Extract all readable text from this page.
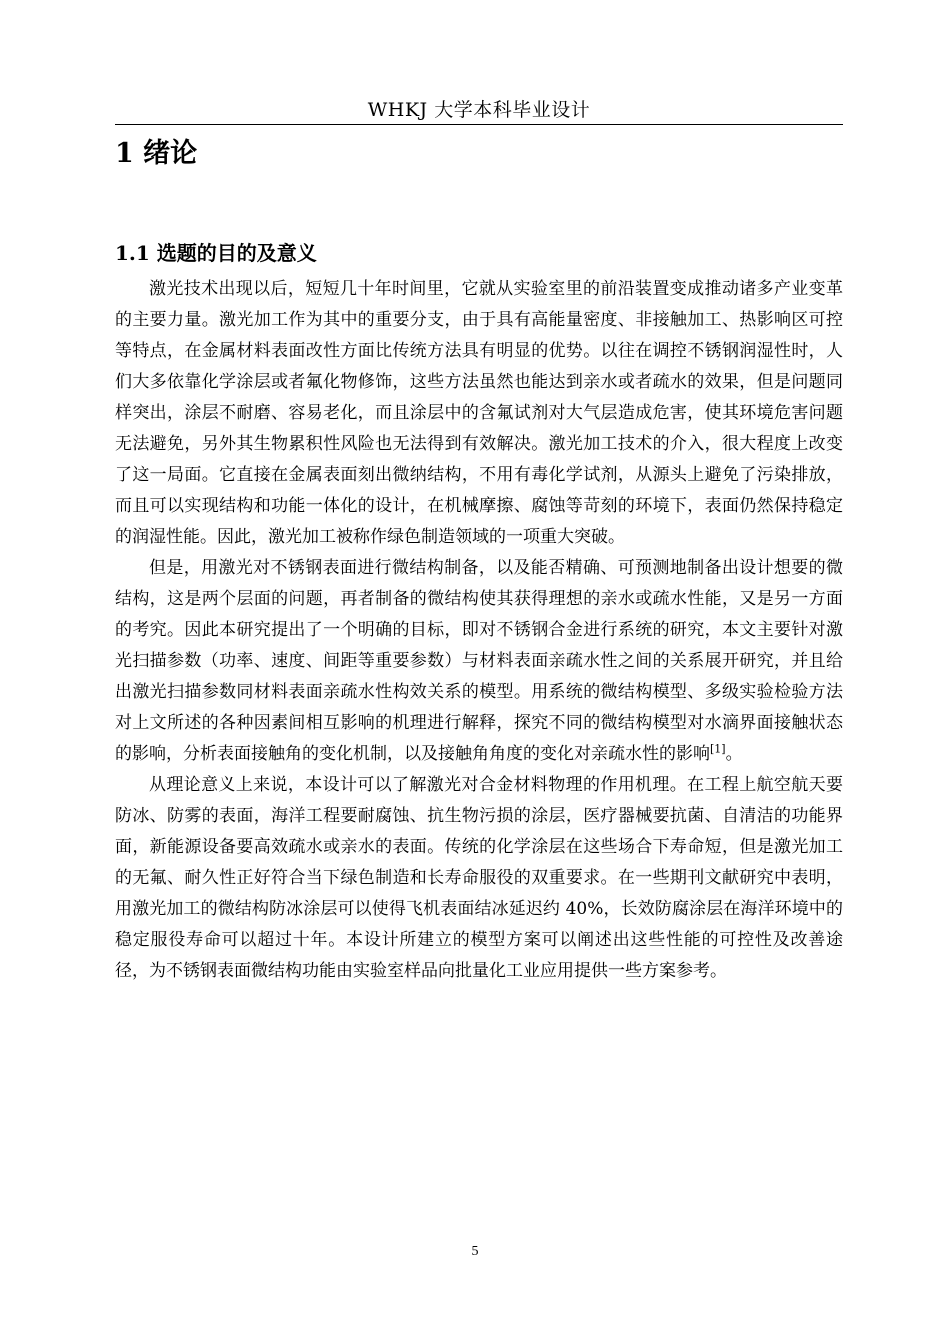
WHKJ 大学本科毕业设计
1 绪论
1.1 选题的目的及意义

激光技术出现以后，短短几十年时间里，它就从实验室里的前沿装置变成推动诸多产业变革的主要力量。激光加工作为其中的重要分支，由于具有高能量密度、非接触加工、热影响区可控等特点，在金属材料表面改性方面比传统方法具有明显的优势。以往在调控不锈钢润湿性时，人们大多依靠化学涂层或者氟化物修饰，这些方法虽然也能达到亲水或者疏水的效果，但是问题同样突出，涂层不耐磨、容易老化，而且涂层中的含氟试剂对大气层造成危害，使其环境危害问题无法避免，另外其生物累积性风险也无法得到有效解决。激光加工技术的介入，很大程度上改变了这一局面。它直接在金属表面刻出微纳结构，不用有毒化学试剂，从源头上避免了污染排放，而且可以实现结构和功能一体化的设计，在机械摩擦、腐蚀等苛刻的环境下，表面仍然保持稳定的润湿性能。因此，激光加工被称作绿色制造领域的一项重大突破。

但是，用激光对不锈钢表面进行微结构制备，以及能否精确、可预测地制备出设计想要的微结构，这是两个层面的问题，再者制备的微结构使其获得理想的亲水或疏水性能，又是另一方面的考究。因此本研究提出了一个明确的目标，即对不锈钢合金进行系统的研究，本文主要针对激光扫描参数（功率、速度、间距等重要参数）与材料表面亲疏水性之间的关系展开研究，并且给出激光扫描参数同材料表面亲疏水性构效关系的模型。用系统的微结构模型、多级实验检验方法对上文所述的各种因素间相互影响的机理进行解释，探究不同的微结构模型对水滴界面接触状态的影响，分析表面接触角的变化机制，以及接触角角度的变化对亲疏水性的影响[1]。

从理论意义上来说，本设计可以了解激光对合金材料物理的作用机理。在工程上航空航天要防冰、防雾的表面，海洋工程要耐腐蚀、抗生物污损的涂层，医疗器械要抗菌、自清洁的功能界面，新能源设备要高效疏水或亲水的表面。传统的化学涂层在这些场合下寿命短，但是激光加工的无氟、耐久性正好符合当下绿色制造和长寿命服役的双重要求。在一些期刊文献研究中表明，用激光加工的微结构防冰涂层可以使得飞机表面结冰延迟约 40%，长效防腐涂层在海洋环境中的稳定服役寿命可以超过十年。本设计所建立的模型方案可以阐述出这些性能的可控性及改善途径，为不锈钢表面微结构功能由实验室样品向批量化工业应用提供一些方案参考。

5
